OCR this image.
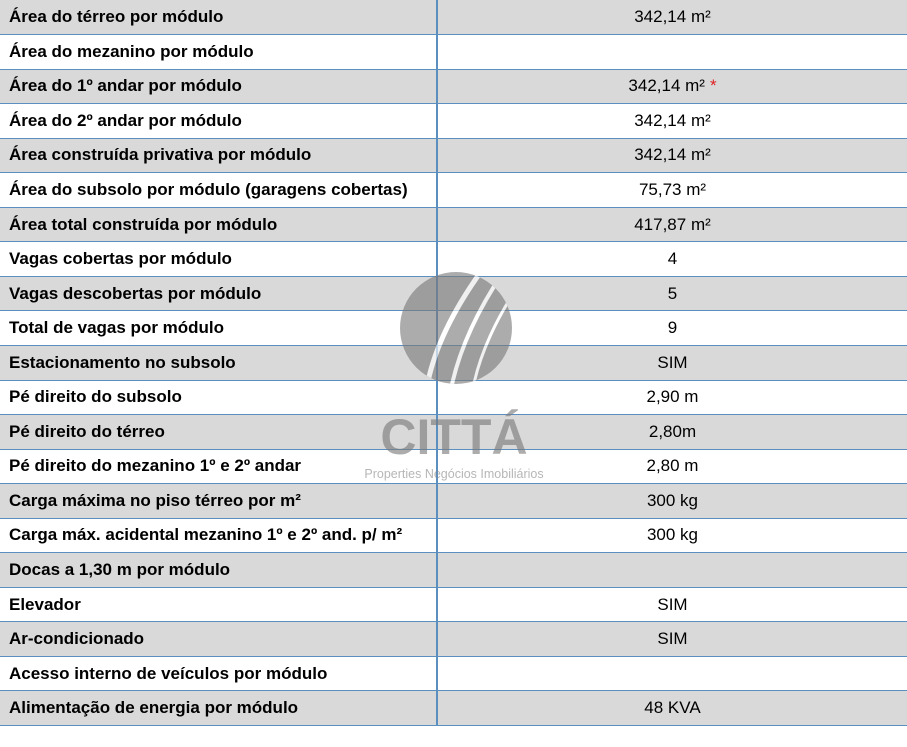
Área do térreo por módulo	342,14 m²
Área do mezanino por módulo	
Área do 1º andar por módulo	342,14 m² *
Área do 2º andar por módulo	342,14 m²
Área construída privativa por módulo	342,14 m²
Área do subsolo por módulo (garagens cobertas)	75,73 m²
Área total construída por módulo	417,87 m²
Vagas cobertas por módulo	4
Vagas descobertas por módulo	5
Total de vagas por módulo	9
Estacionamento no subsolo	SIM
Pé direito do subsolo	2,90 m
Pé direito do térreo	2,80m
Pé direito do mezanino 1º e 2º andar	2,80 m
Carga máxima no piso térreo por m²	300 kg
Carga máx. acidental mezanino 1º e 2º and. p/ m²	300 kg
Docas a 1,30 m por módulo	
Elevador	SIM
Ar-condicionado	SIM
Acesso interno de veículos por módulo	
Alimentação de energia por módulo	48 KVA
CITTÁ
Properties Negócios Imobiliários
